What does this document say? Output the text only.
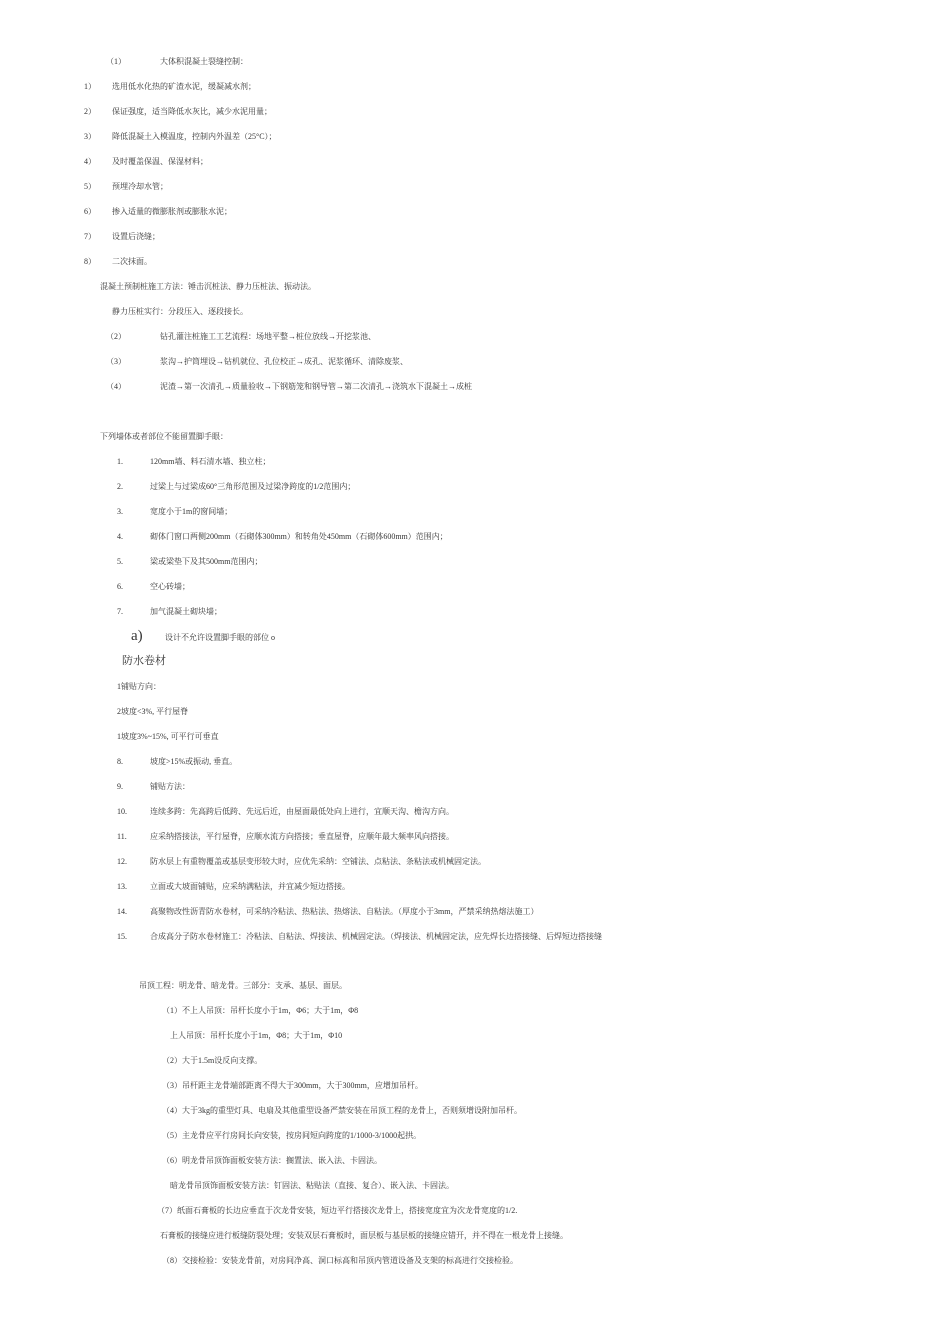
（1）	大体积混凝土裂缝控制：
1） 选用低水化热的矿渣水泥，缓凝减水剂；
2） 保证强度，适当降低水灰比，减少水泥用量；
3） 降低混凝土入模温度，控制内外温差（25°C）；
4） 及时覆盖保温、保湿材料；
5） 预埋冷却水管；
6） 掺入适量的微膨胀剂或膨胀水泥；
7） 设置后浇缝；
8） 二次抹面。
混凝土预制桩施工方法：锤击沉桩法、静力压桩法、振动法。
静力压桩实行：分段压入、逐段接长。
（2）	钻孔灌注桩施工工艺流程：场地平整→桩位放线→开挖浆池、
（3）	浆沟→护筒埋设→钻机就位、孔位校正→成孔、泥浆循环、清除废浆、
（4）	泥渣→第一次清孔→质量验收→下钢筋笼和钢导管→第二次清孔→浇筑水下混凝土→成桩
下列墙体或者部位不能留置脚手眼：
1.	120mm墙、料石清水墙、独立柱；
2.	过梁上与过梁成60°三角形范围及过梁净跨度的1/2范围内；
3.	宽度小于1m的窗间墙；
4.	砌体门窗口两侧200mm（石砌体300mm）和转角处450mm（石砌体600mm）范围内；
5.	梁或梁垫下及其500mm范围内；
6.	空心砖墙；
7.	加气混凝土砌块墙；
a)	设计不允许设置脚手眼的部位 o
防水卷材
1铺贴方向：
2坡度<3%, 平行屋脊
1坡度3%~15%, 可平行可垂直
8.	坡度>15%或振动, 垂直。
9.	铺贴方法：
10.	连续多跨：先高跨后低跨、先远后近，由屋面最低处向上进行，宜顺天沟、檐沟方向。
11.	应采纳搭接法，平行屋脊，应顺水流方向搭接；垂直屋脊，应顺年最大频率风向搭接。
12.	防水层上有重物覆盖或基层变形较大时，应优先采纳：空铺法、点粘法、条粘法或机械固定法。
13.	立面或大坡面铺贴，应采纳满粘法，并宜减少短边搭接。
14.	高聚物改性沥青防水卷材，可采纳冷粘法、热粘法、热熔法、自粘法。（厚度小于3mm，严禁采纳热熔法施工）
15.	合成高分子防水卷材施工：冷粘法、自粘法、焊接法、机械固定法。（焊接法、机械固定法，应先焊长边搭接缝、后焊短边搭接缝
吊顶工程：明龙骨、暗龙骨。三部分：支承、基层、面层。
（1）不上人吊顶：吊杆长度小于1m，Φ6；大于1m，Φ8
上人吊顶：吊杆长度小于1m，Φ8；大于1m，Φ10
（2）大于1.5m设反向支撑。
（3）吊杆距主龙骨端部距离不得大于300mm，大于300mm，应增加吊杆。
（4）大于3kg的重型灯具、电扇及其他重型设备严禁安装在吊顶工程的龙骨上，否则须增设附加吊杆。
（5）主龙骨应平行房间长向安装，按房间短向跨度的1/1000-3/1000起拱。
（6）明龙骨吊顶饰面板安装方法：搁置法、嵌入法、卡固法。
暗龙骨吊顶饰面板安装方法：钉固法、粘贴法（直接、复合）、嵌入法、卡固法。
（7）纸面石膏板的长边应垂直于次龙骨安装，短边平行搭接次龙骨上，搭接宽度宜为次龙骨宽度的1/2.
石膏板的接缝应进行板缝防裂处理；安装双层石膏板时，面层板与基层板的接缝应错开，并不得在一根龙骨上接缝。
（8）交接检验：安装龙骨前，对房间净高、洞口标高和吊顶内管道设备及支架的标高进行交接检验。
